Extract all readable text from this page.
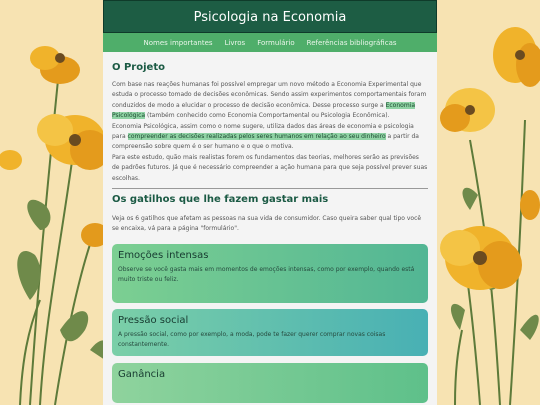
Psicologia na Economia
Nomes importantes Livros Formulário Referências bibliográficas
O Projeto

Com base nas reações humanas foi possível empregar um novo método a Economia Experimental que estuda o processo tomado de decisões econômicas. Sendo assim experimentos comportamentais foram conduzidos de modo a elucidar o processo de decisão econômica. Desse processo surge a Economia Psicológica (também conhecido como Economia Comportamental ou Psicologia Econômica).

Economia Psicológica, assim como o nome sugere, utiliza dados das áreas de economia e psicologia para compreender as decisões realizadas pelos seres humanos em relação ao seu dinheiro a partir da compreensão sobre quem é o ser humano e o que o motiva.

Para este estudo, quão mais realistas forem os fundamentos das teorias, melhores serão as previsões de padrões futuros. Já que é necessário compreender a ação humana para que seja possível prever suas escolhas.

Os gatilhos que lhe fazem gastar mais

Veja os 6 gatilhos que afetam as pessoas na sua vida de consumidor. Caso queira saber qual tipo você se encaixa, vá para a página "formulário".

Emoções intensas

Observe se você gasta mais em momentos de emoções intensas, como por exemplo, quando está muito triste ou feliz.

Pressão social

A pressão social, como por exemplo, a moda, pode te fazer querer comprar novas coisas constantemente.

Ganância
